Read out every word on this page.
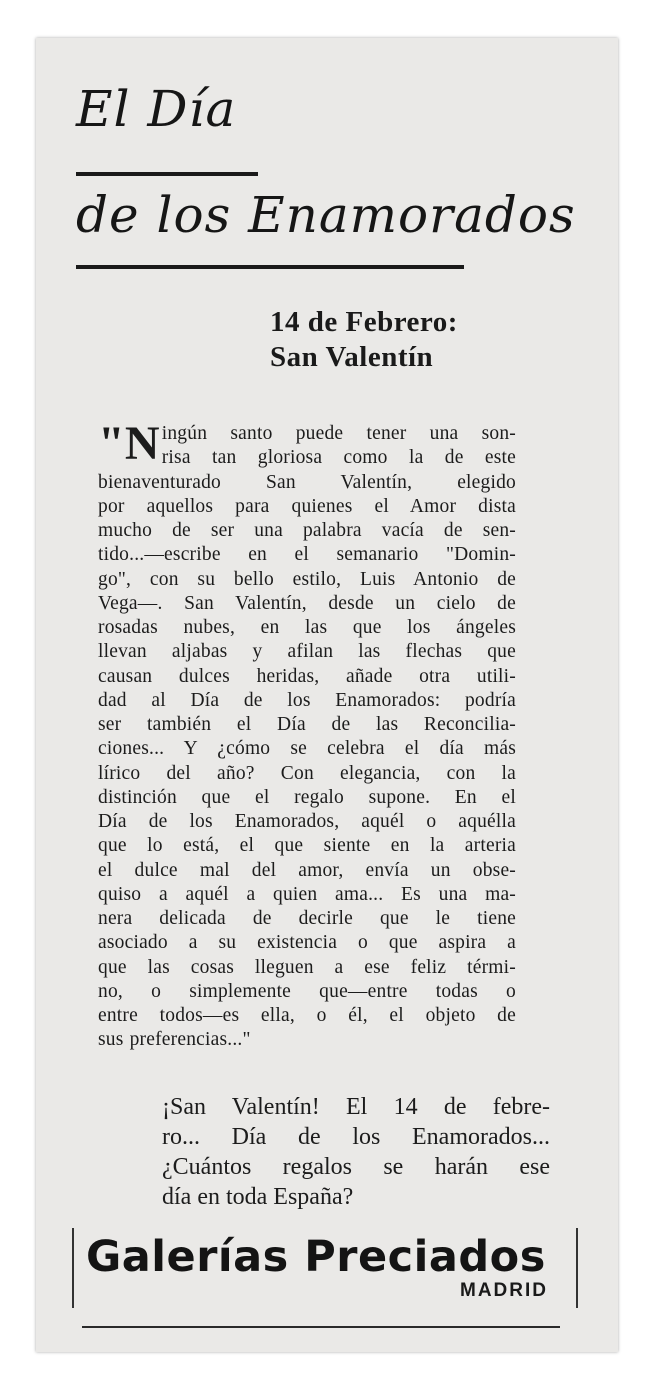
El Día
de los Enamorados
14 de Febrero:
San Valentín
"N ingún santo puede tener una son-
risa tan gloriosa como la de este
bienaventurado San Valentín, elegido
por aquellos para quienes el Amor dista
mucho de ser una palabra vacía de sen-
tido...—escribe en el semanario "Domin-
go", con su bello estilo, Luis Antonio de
Vega—. San Valentín, desde un cielo de
rosadas nubes, en las que los ángeles
llevan aljabas y afilan las flechas que
causan dulces heridas, añade otra utili-
dad al Día de los Enamorados: podría
ser también el Día de las Reconcilia-
ciones... Y ¿cómo se celebra el día más
lírico del año? Con elegancia, con la
distinción que el regalo supone. En el
Día de los Enamorados, aquél o aquélla
que lo está, el que siente en la arteria
el dulce mal del amor, envía un obse-
quiso a aquél a quien ama... Es una ma-
nera delicada de decirle que le tiene
asociado a su existencia o que aspira a
que las cosas lleguen a ese feliz térmi-
no, o simplemente que—entre todas o
entre todos—es ella, o él, el objeto de
sus preferencias..."
¡San Valentín! El 14 de febre-
ro... Día de los Enamorados...
¿Cuántos regalos se harán ese
día en toda España?
Galerías Preciados
MADRID
